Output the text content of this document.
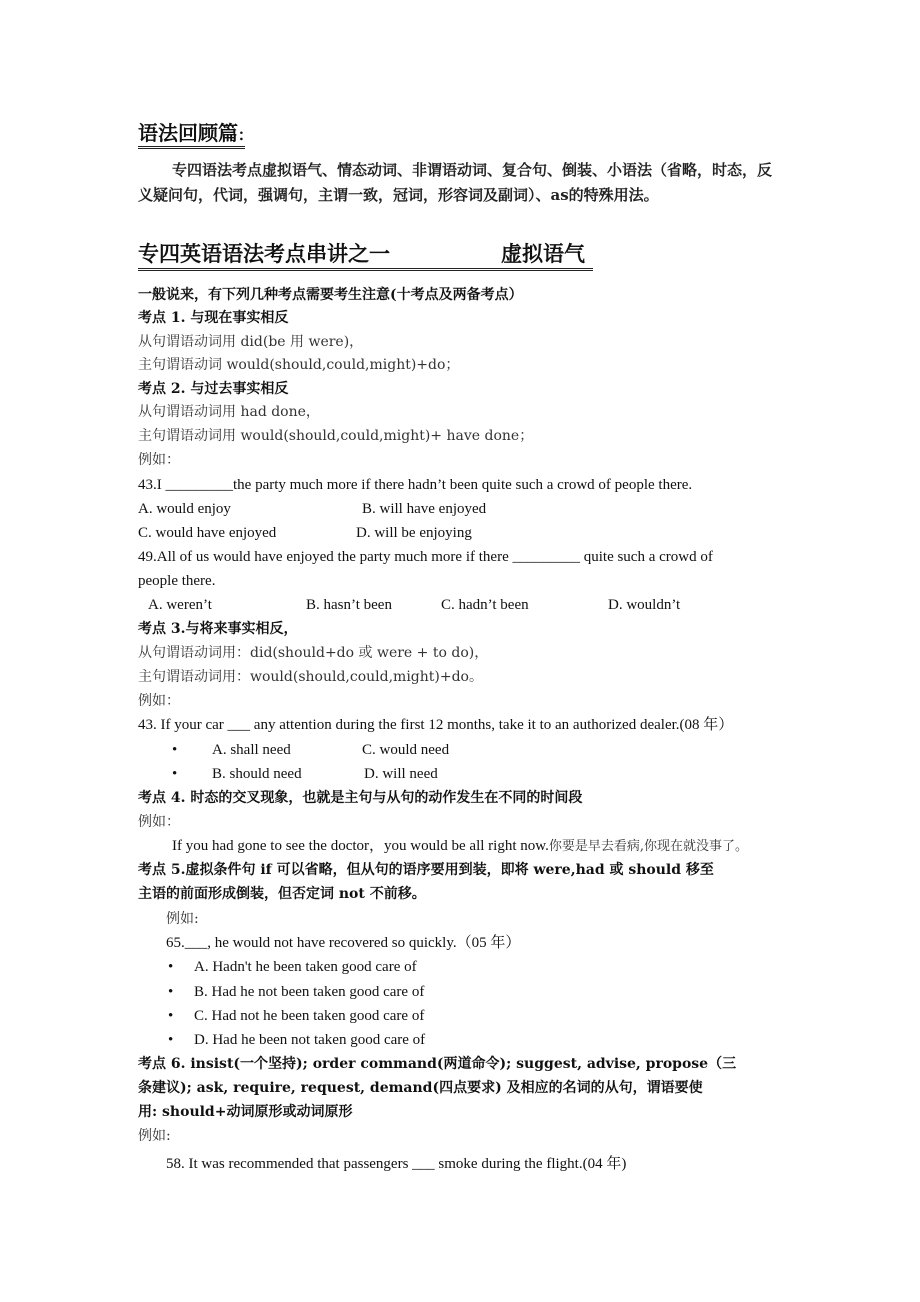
语法回顾篇:
专四语法考点虚拟语气、情态动词、非谓语动词、复合句、倒装、小语法（省略，时态，反义疑问句，代词，强调句，主谓一致，冠词，形容词及副词）、as的特殊用法。
专四英语语法考点串讲之一	虚拟语气
一般说来，有下列几种考点需要考生注意(十考点及两备考点）
考点 1. 与现在事实相反
从句谓语动词用 did(be 用 were)，
主句谓语动词 would(should,could,might)+do；
考点 2. 与过去事实相反
从句谓语动词用 had done，
主句谓语动词用 would(should,could,might)+ have done；
例如：
43.I _________the party much more if there hadn’t been quite such a crowd of people there.
A. would enjoy	B. will have enjoyed
C. would have enjoyed	D. will be enjoying
49.All of us would have enjoyed the party much more if there _________ quite such a crowd of
people there.
A. weren’t	B. hasn’t been	C. hadn’t been	D. wouldn’t
考点 3.与将来事实相反，
从句谓语动词用：did(should+do 或 were + to do)，
主句谓语动词用：would(should,could,might)+do。
例如：
43. If your car ___ any attention during the first 12 months, take it to an authorized dealer.(08 年）
• A. shall need	C. would need
• B. should need	D. will need
考点 4. 时态的交叉现象，也就是主句与从句的动作发生在不同的时间段
例如：
If you had gone to see the doctor，you would be all right now.你要是早去看病,你现在就没事了。
考点 5.虚拟条件句 if 可以省略，但从句的语序要用到装，即将 were,had 或 should 移至
主语的前面形成倒装，但否定词 not 不前移。
例如:
65.___, he would not have recovered so quickly.（05 年）
• A. Hadn't he been taken good care of
• B. Had he not been taken good care of
• C. Had not he been taken good care of
• D. Had he been not taken good care of
考点 6. insist(一个坚持); order command(两道命令); suggest, advise, propose（三
条建议); ask, require, request, demand(四点要求) 及相应的名词的从句，谓语要使
用: should+动词原形或动词原形
例如:
58. It was recommended that passengers ___ smoke during the flight.(04 年)
